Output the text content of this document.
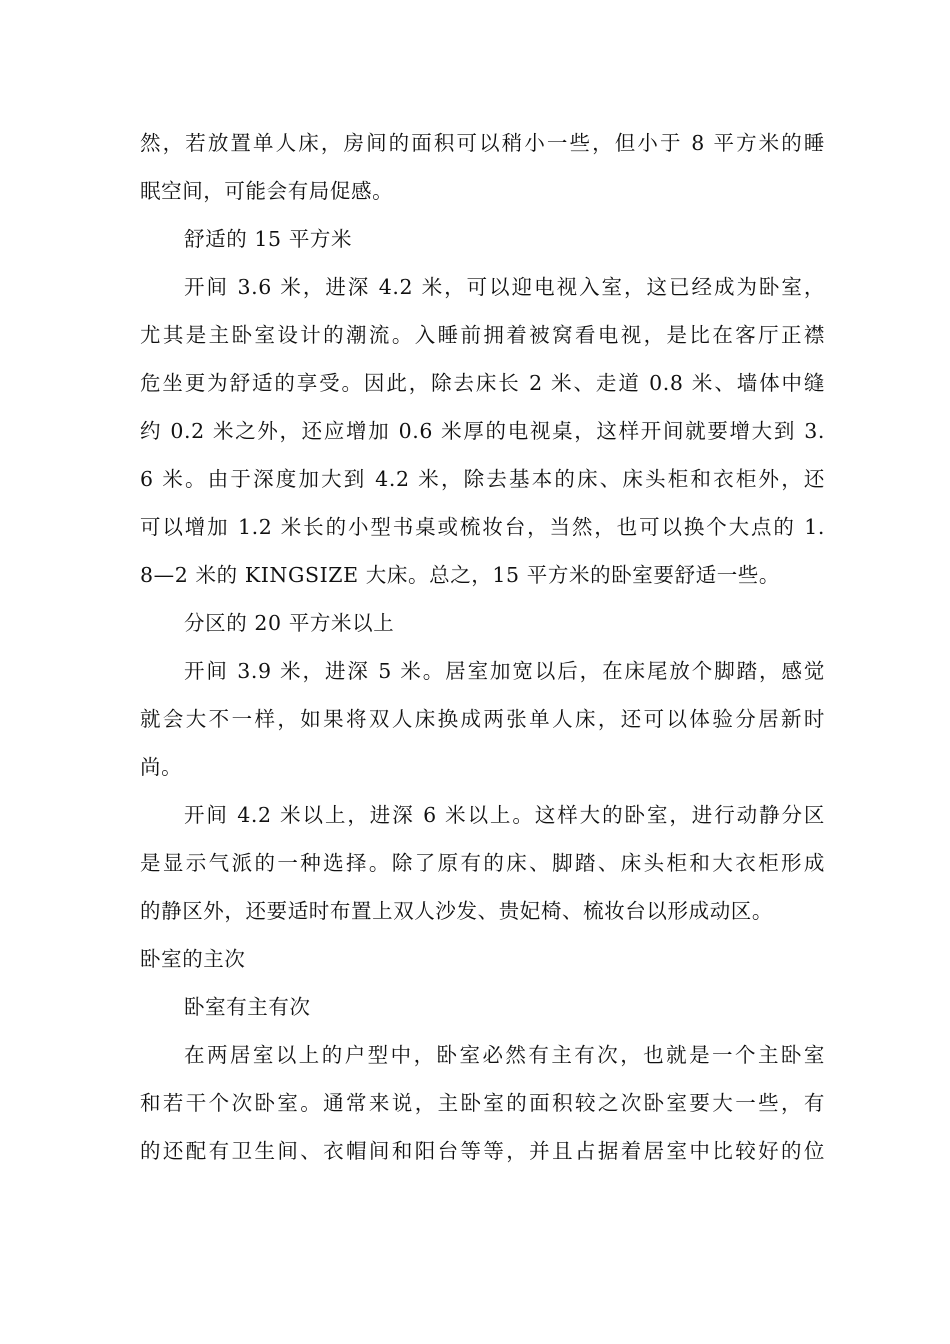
然，若放置单人床，房间的面积可以稍小一些，但小于 8 平方米的睡
眠空间，可能会有局促感。
舒适的 15 平方米
开间 3.6 米，进深 4.2 米，可以迎电视入室，这已经成为卧室，
尤其是主卧室设计的潮流。入睡前拥着被窝看电视，是比在客厅正襟
危坐更为舒适的享受。因此，除去床长 2 米、走道 0.8 米、墙体中缝
约 0.2 米之外，还应增加 0.6 米厚的电视桌，这样开间就要增大到 3.
6 米。由于深度加大到 4.2 米，除去基本的床、床头柜和衣柜外，还
可以增加 1.2 米长的小型书桌或梳妆台，当然，也可以换个大点的 1.
8—2 米的 KINGSIZE 大床。总之，15 平方米的卧室要舒适一些。
分区的 20 平方米以上
开间 3.9 米，进深 5 米。居室加宽以后，在床尾放个脚踏，感觉
就会大不一样，如果将双人床换成两张单人床，还可以体验分居新时
尚。
开间 4.2 米以上，进深 6 米以上。这样大的卧室，进行动静分区
是显示气派的一种选择。除了原有的床、脚踏、床头柜和大衣柜形成
的静区外，还要适时布置上双人沙发、贵妃椅、梳妆台以形成动区。
卧室的主次
卧室有主有次
在两居室以上的户型中，卧室必然有主有次，也就是一个主卧室
和若干个次卧室。通常来说，主卧室的面积较之次卧室要大一些，有
的还配有卫生间、衣帽间和阳台等等，并且占据着居室中比较好的位
